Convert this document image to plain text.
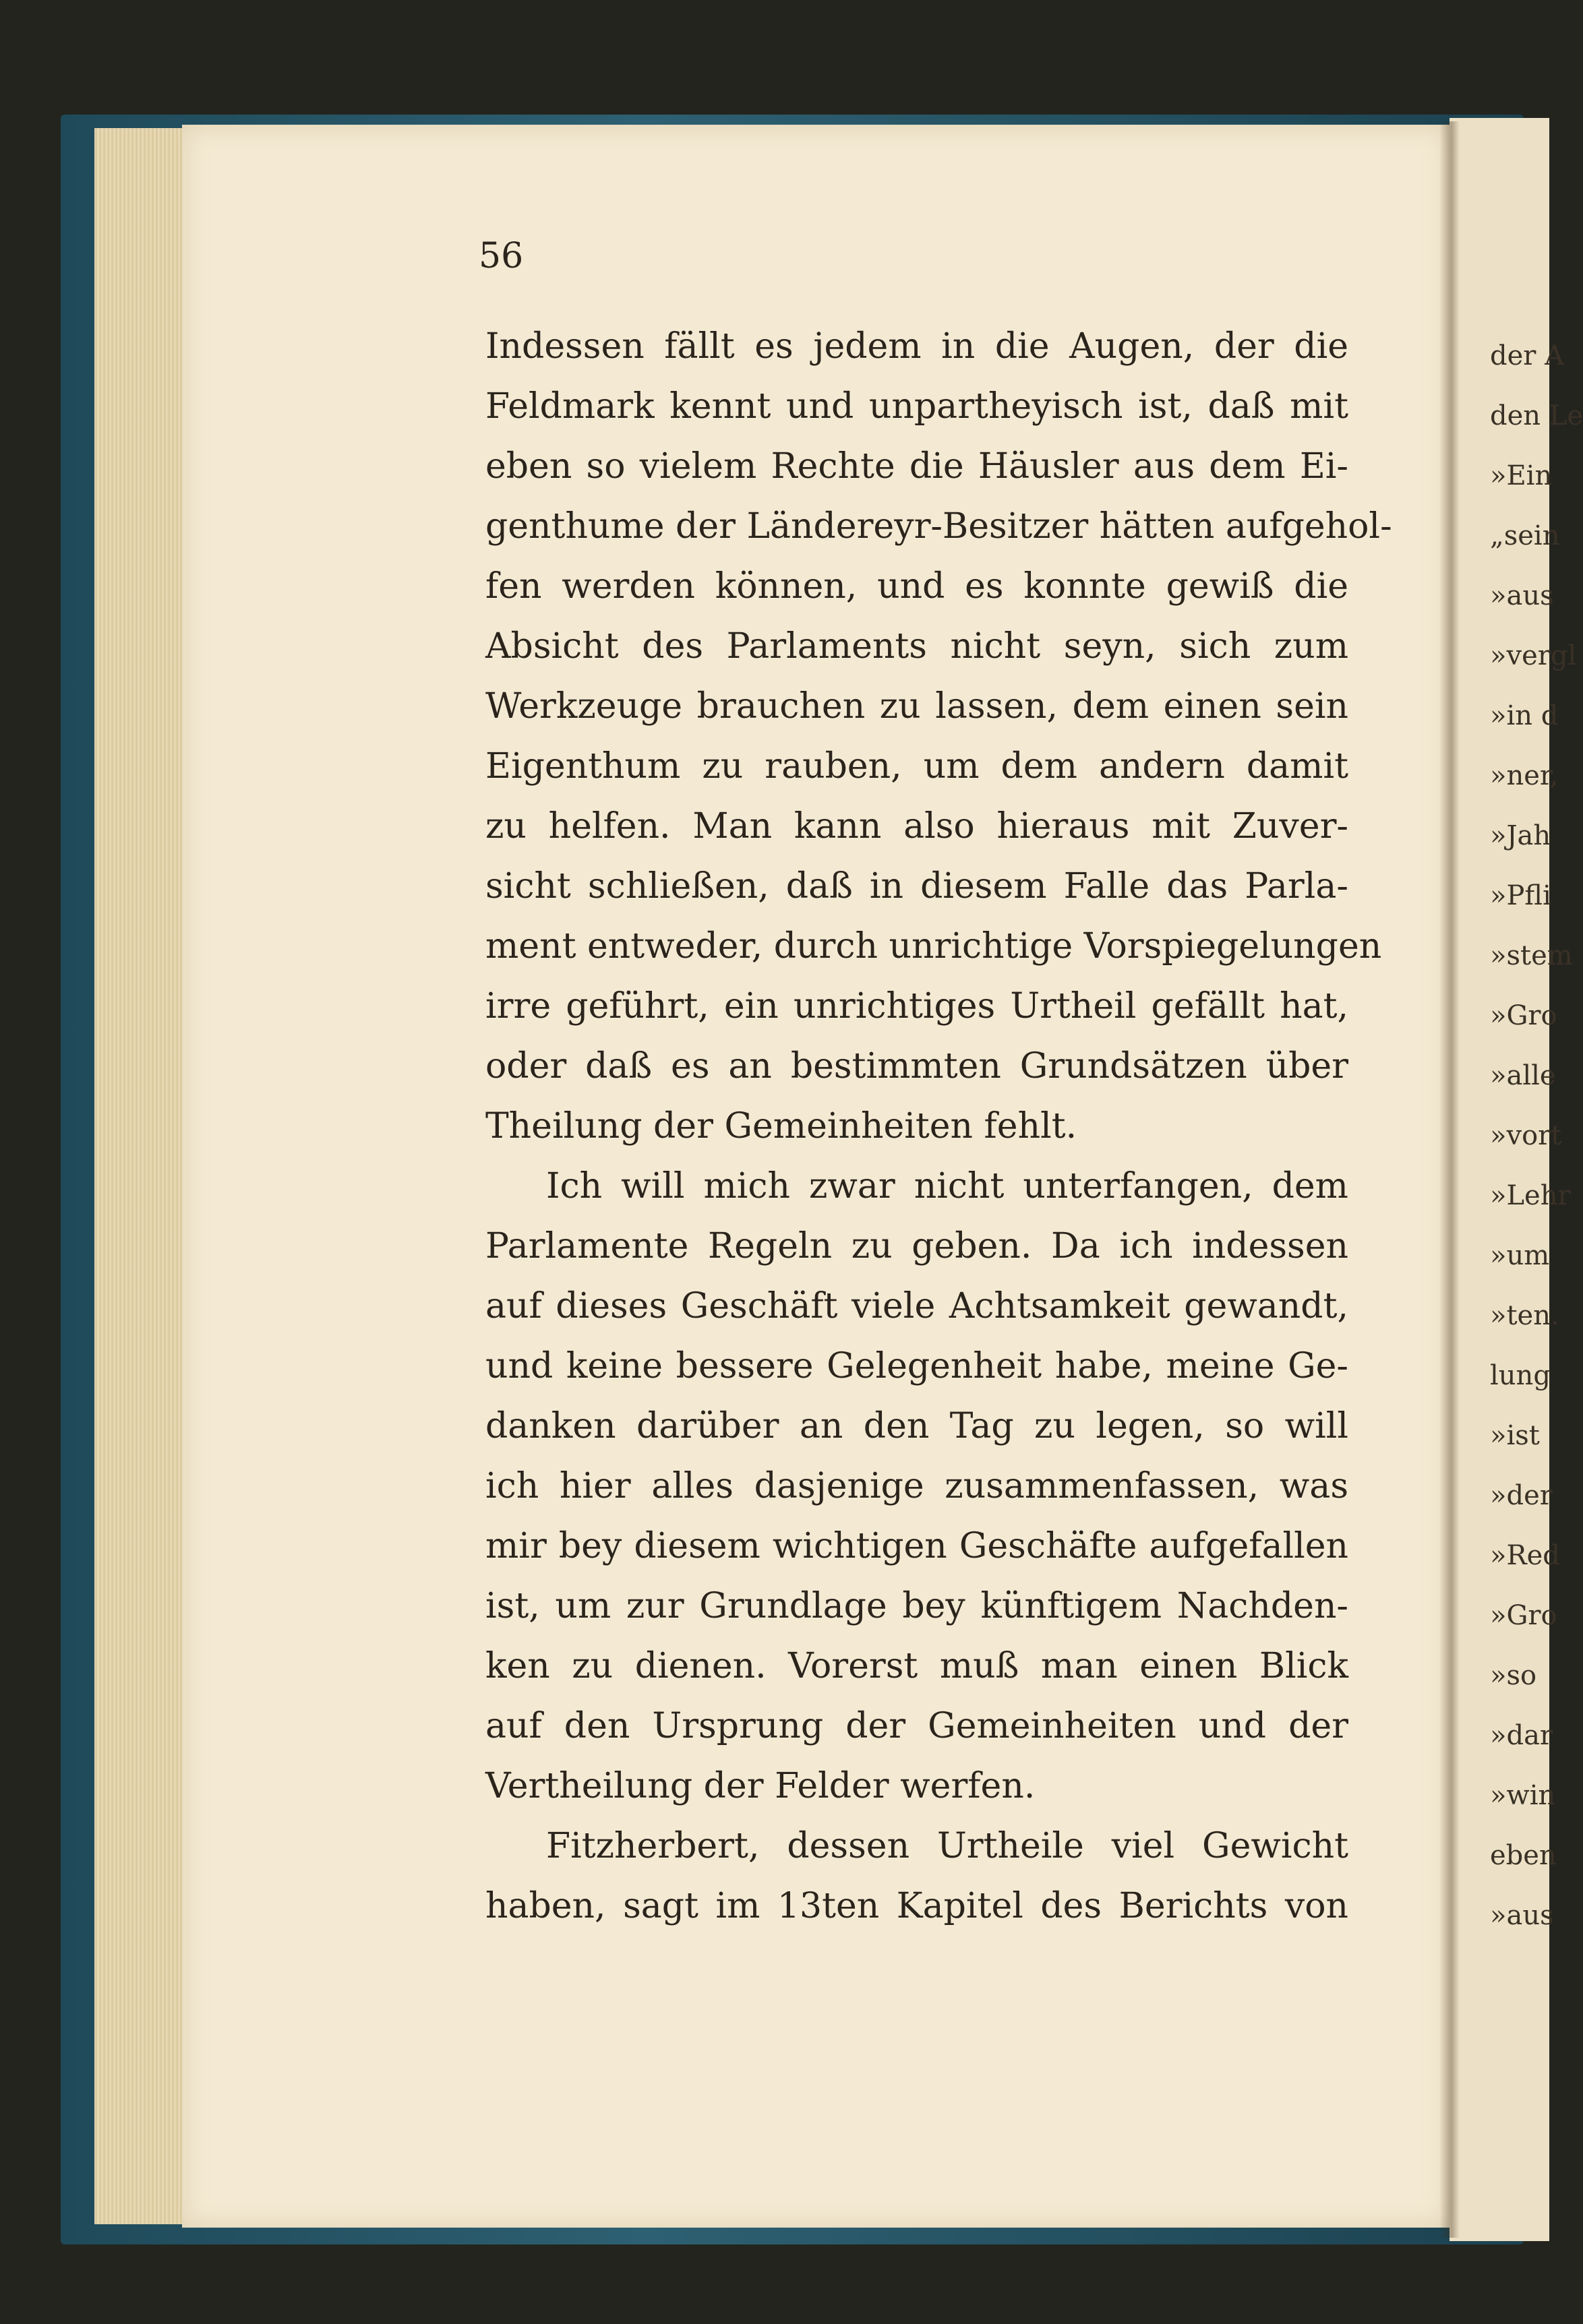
der A
den Le
»Ein
„sein
»aus
»vergl
»in d
»ner,
»Jah
»Pfli
»stem
»Gro
»alle
»vort
»Lehr
»um
»ten.
lung
»ist
»der
»Red
»Gro
»so
»dar
»win
eben
»aus
56
Indessen fällt es jedem in die Augen, der die
Feldmark kennt und unpartheyisch ist, daß mit
eben so vielem Rechte die Häusler aus dem Ei-
genthume der Ländereyr-Besitzer hätten aufgehol-
fen werden können, und es konnte gewiß die
Absicht des Parlaments nicht seyn, sich zum
Werkzeuge brauchen zu lassen, dem einen sein
Eigenthum zu rauben, um dem andern damit
zu helfen. Man kann also hieraus mit Zuver-
sicht schließen, daß in diesem Falle das Parla-
ment entweder, durch unrichtige Vorspiegelungen
irre geführt, ein unrichtiges Urtheil gefällt hat,
oder daß es an bestimmten Grundsätzen über
Theilung der Gemeinheiten fehlt.
Ich will mich zwar nicht unterfangen, dem
Parlamente Regeln zu geben. Da ich indessen
auf dieses Geschäft viele Achtsamkeit gewandt,
und keine bessere Gelegenheit habe, meine Ge-
danken darüber an den Tag zu legen, so will
ich hier alles dasjenige zusammenfassen, was
mir bey diesem wichtigen Geschäfte aufgefallen
ist, um zur Grundlage bey künftigem Nachden-
ken zu dienen. Vorerst muß man einen Blick
auf den Ursprung der Gemeinheiten und der
Vertheilung der Felder werfen.
Fitzherbert, dessen Urtheile viel Gewicht
haben, sagt im 13ten Kapitel des Berichts von
